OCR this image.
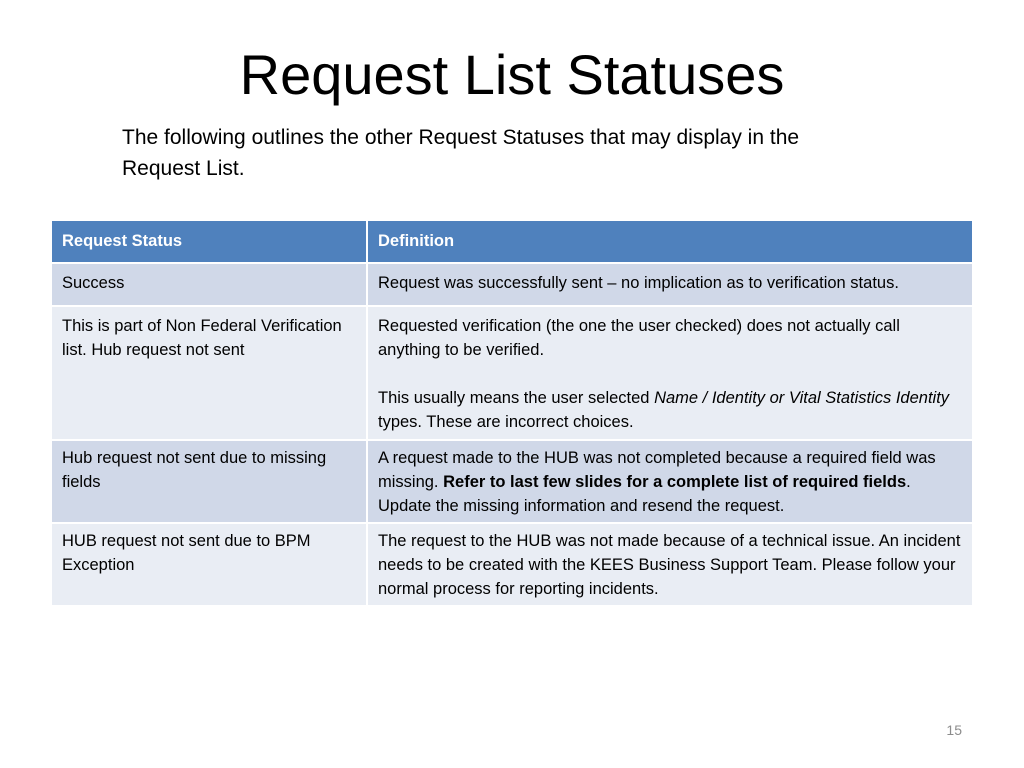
Request List Statuses
The following outlines the other Request Statuses that may display in the
Request List.
Request Status	Definition
Success	Request was successfully sent – no implication as to verification status.
This is part of Non Federal Verification list. Hub request not sent	Requested verification (the one the user checked) does not actually call anything to be verified.
This usually means the user selected Name / Identity or Vital Statistics Identity types. These are incorrect choices.

Hub request not sent due to missing fields	A request made to the HUB was not completed because a required field was missing. Refer to last few slides for a complete list of required fields. Update the missing information and resend the request.
HUB request not sent due to BPM Exception	The request to the HUB was not made because of a technical issue. An incident needs to be created with the KEES Business Support Team. Please follow your normal process for reporting incidents.
15
